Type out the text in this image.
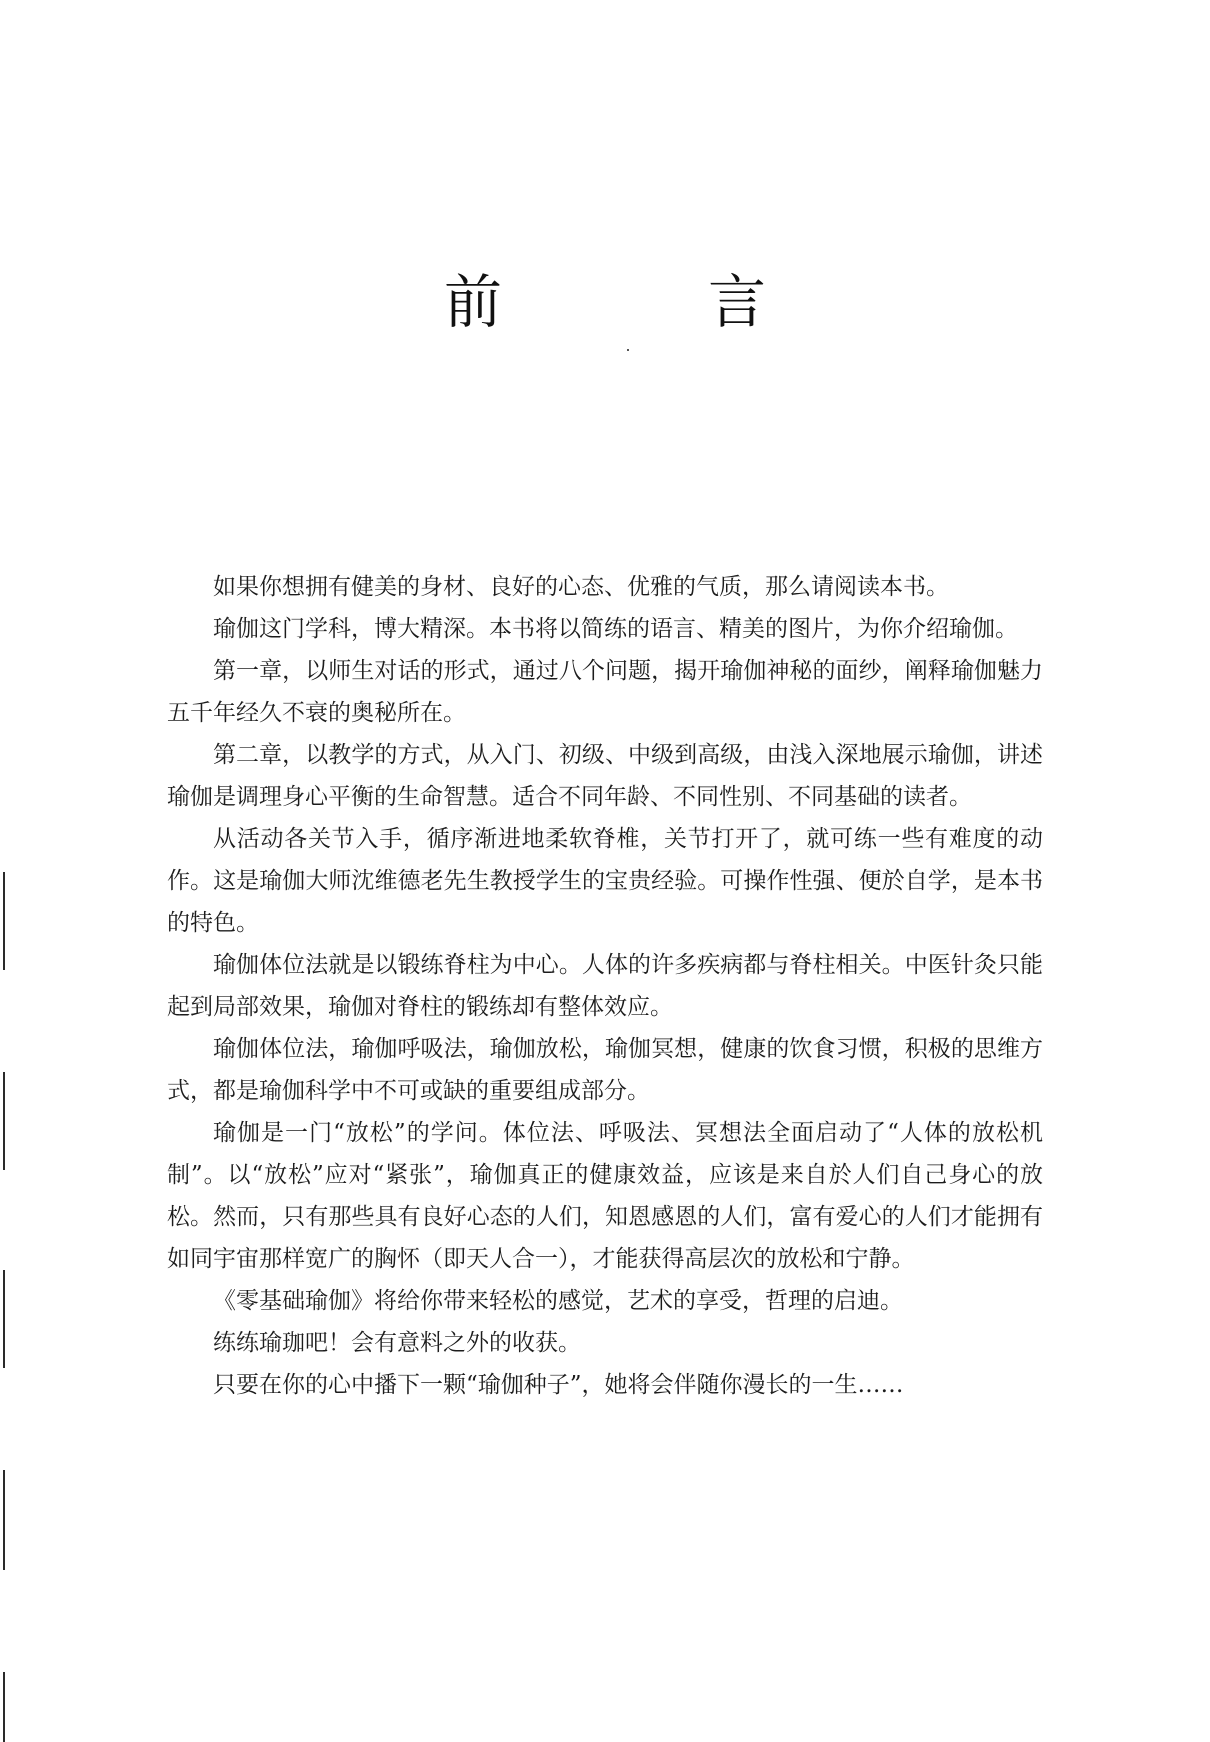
前　言

如果你想拥有健美的身材、良好的心态、优雅的气质，那么请阅读本书。

瑜伽这门学科，博大精深。本书将以简练的语言、精美的图片，为你介绍瑜伽。

第一章，以师生对话的形式，通过八个问题，揭开瑜伽神秘的面纱，阐释瑜伽魅力五千年经久不衰的奥秘所在。

第二章，以教学的方式，从入门、初级、中级到高级，由浅入深地展示瑜伽，讲述瑜伽是调理身心平衡的生命智慧。适合不同年龄、不同性别、不同基础的读者。

从活动各关节入手，循序渐进地柔软脊椎，关节打开了，就可练一些有难度的动作。这是瑜伽大师沈维德老先生教授学生的宝贵经验。可操作性强、便於自学，是本书的特色。

瑜伽体位法就是以锻练脊柱为中心。人体的许多疾病都与脊柱相关。中医针灸只能起到局部效果，瑜伽对脊柱的锻练却有整体效应。

瑜伽体位法，瑜伽呼吸法，瑜伽放松，瑜伽冥想，健康的饮食习惯，积极的思维方式，都是瑜伽科学中不可或缺的重要组成部分。

瑜伽是一门“放松”的学问。体位法、呼吸法、冥想法全面启动了“人体的放松机制”。以“放松”应对“紧张”，瑜伽真正的健康效益，应该是来自於人们自己身心的放松。然而，只有那些具有良好心态的人们，知恩感恩的人们，富有爱心的人们才能拥有如同宇宙那样宽广的胸怀（即天人合一），才能获得高层次的放松和宁静。

《零基础瑜伽》将给你带来轻松的感觉，艺术的享受，哲理的启迪。

练练瑜珈吧！会有意料之外的收获。

只要在你的心中播下一颗“瑜伽种子”，她将会伴随你漫长的一生……
